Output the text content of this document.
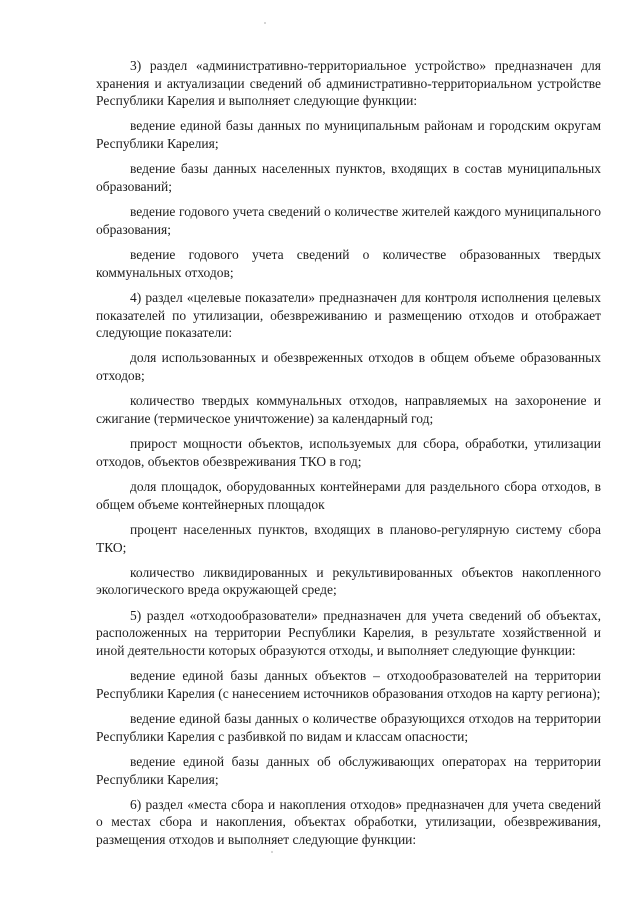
3) раздел «административно-территориальное устройство» предназначен для хранения и актуализации сведений об административно-территориальном устройстве Республики Карелия и выполняет следующие функции:

ведение единой базы данных по муниципальным районам и городским округам Республики Карелия;

ведение базы данных населенных пунктов, входящих в состав муниципальных образований;

ведение годового учета сведений о количестве жителей каждого муниципального образования;

ведение годового учета сведений о количестве образованных твердых коммунальных отходов;

4) раздел «целевые показатели» предназначен для контроля исполнения целевых показателей по утилизации, обезвреживанию и размещению отходов и отображает следующие показатели:

доля использованных и обезвреженных отходов в общем объеме образованных отходов;

количество твердых коммунальных отходов, направляемых на захоронение и сжигание (термическое уничтожение) за календарный год;

прирост мощности объектов, используемых для сбора, обработки, утилизации отходов, объектов обезвреживания ТКО в год;

доля площадок, оборудованных контейнерами для раздельного сбора отходов, в общем объеме контейнерных площадок

процент населенных пунктов, входящих в планово-регулярную систему сбора ТКО;

количество ликвидированных и рекультивированных объектов накопленного экологического вреда окружающей среде;

5) раздел «отходообразователи» предназначен для учета сведений об объектах, расположенных на территории Республики Карелия, в результате хозяйственной и иной деятельности которых образуются отходы, и выполняет следующие функции:

ведение единой базы данных объектов – отходообразователей на территории Республики Карелия (с нанесением источников образования отходов на карту региона);

ведение единой базы данных о количестве образующихся отходов на территории Республики Карелия с разбивкой по видам и классам опасности;

ведение единой базы данных об обслуживающих операторах на территории Республики Карелия;

6) раздел «места сбора и накопления отходов» предназначен для учета сведений о местах сбора и накопления, объектах обработки, утилизации, обезвреживания, размещения отходов и выполняет следующие функции:
